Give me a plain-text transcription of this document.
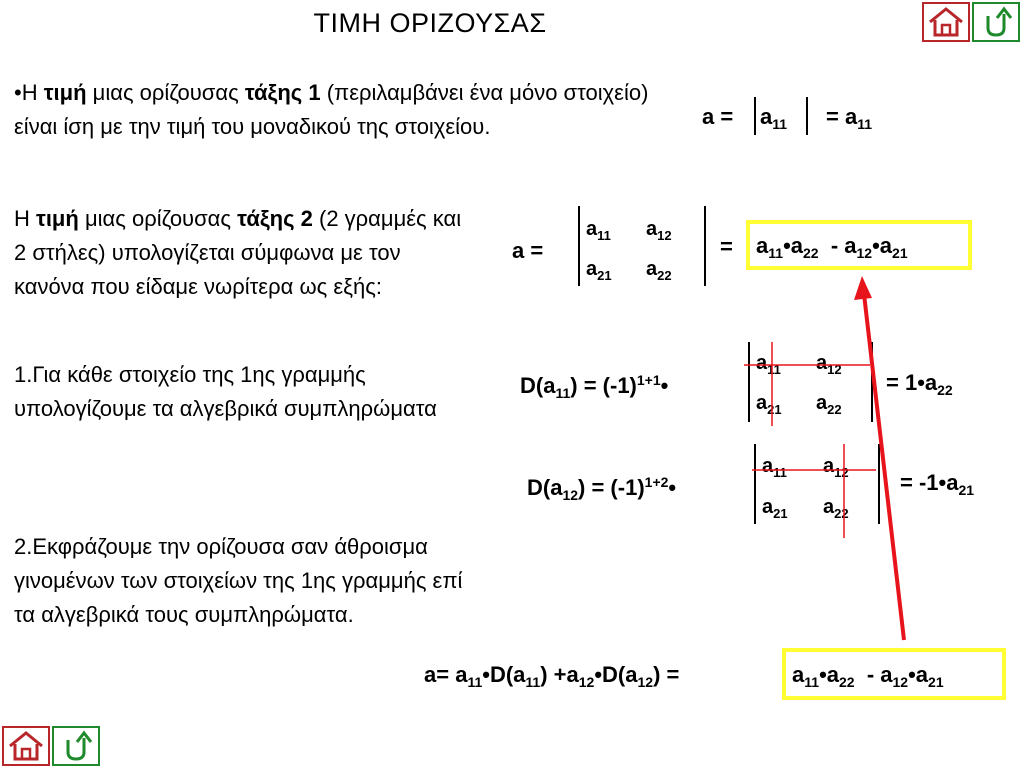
ΤΙΜΗ ΟΡΙΖΟΥΣΑΣ
•Η τιμή μιας ορίζουσας τάξης 1 (περιλαμβάνει ένα μόνο στοιχείο) είναι ίση με την τιμή του μοναδικού της στοιχείου.	$a = a_{11} = a_{11}$
Η τιμή μιας ορίζουσας τάξης 2 (2 γραμμές και 2 στήλες) υπολογίζεται σύμφωνα με τον κανόνα που είδαμε νωρίτερα ως εξής:
a =
$a_{11}$ $a_{12}$
$a_{21}$ $a_{22}$
= $a_{11}•a_{22}$ - $a_{12}•a_{21}$
1.Για κάθε στοιχείο της 1ης γραμμής υπολογίζουμε τα αλγεβρικά συμπληρώματα
$D(a_{11})$ = $(-1)^{1+1}•$
$a_{11}$ $a_{12}$
$a_{21}$ $a_{22}$
= $1•a_{22}$
$D(a_{12})$ = $(-1)^{1+2}•$
$a_{11}$ $a_{12}$
$a_{21}$ $a_{22}$
= $-1•a_{21}$
2.Εκφράζουμε την ορίζουσα σαν άθροισμα γινομένων των στοιχείων της 1ης γραμμής επί τα αλγεβρικά τους συμπληρώματα.
$a= a_{11}•D(a_{11})$ $+a_{12}•D(a_{12})$ =	$a_{11}•a_{22}$ - $a_{12}•a_{21}$
